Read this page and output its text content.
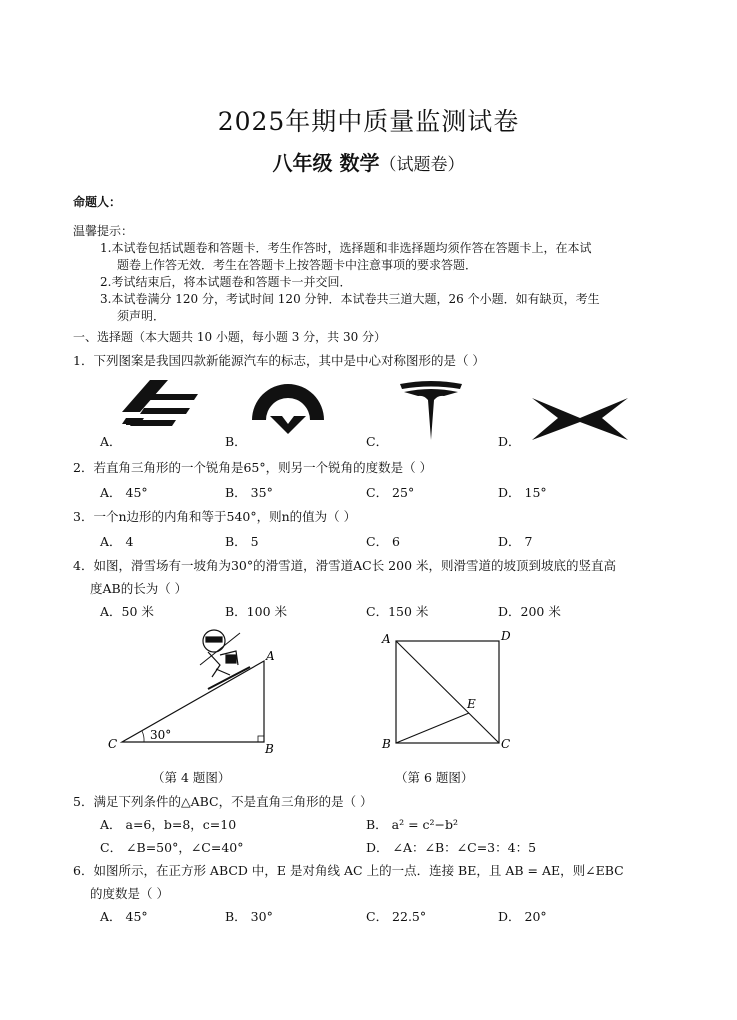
2025年期中质量监测试卷
八年级 数学（试题卷）
命题人：
温馨提示：
1.本试卷包括试题卷和答题卡．考生作答时，选择题和非选择题均须作答在答题卡上，在本试
题卷上作答无效．考生在答题卡上按答题卡中注意事项的要求答题．
2.考试结束后，将本试题卷和答题卡一并交回．
3.本试卷满分 120 分，考试时间 120 分钟．本试卷共三道大题，26 个小题．如有缺页，考生
须声明．
一、选择题（本大题共 10 小题，每小题 3 分，共 30 分）
1．下列图案是我国四款新能源汽车的标志，其中是中心对称图形的是（ ）
A．	B．	C．	D．
2．若直角三角形的一个锐角是65°，则另一个锐角的度数是（ ）
A． 45°	B． 35°	C． 25°	D． 15°
3．一个n边形的内角和等于540°，则n的值为（ ）
A． 4	B． 5	C． 6	D． 7
4．如图，滑雪场有一坡角为30°的滑雪道，滑雪道AC长 200 米，则滑雪道的坡顶到坡底的竖直高
度AB的长为（ ）
A．50 米	B．100 米	C．150 米	D．200 米
C	B
A
30°
（第 4 题图）
A	D
B	C
E
（第 6 题图）
5．满足下列条件的△ABC，不是直角三角形的是（ ）
A． a=6，b=8，c=10	B． a² = c²−b²
C． ∠B=50°，∠C=40°	D． ∠A：∠B：∠C=3：4：5
6．如图所示，在正方形 ABCD 中，E 是对角线 AC 上的一点．连接 BE，且 AB = AE，则∠EBC
的度数是（ ）
A． 45°	B． 30°	C． 22.5°	D． 20°
